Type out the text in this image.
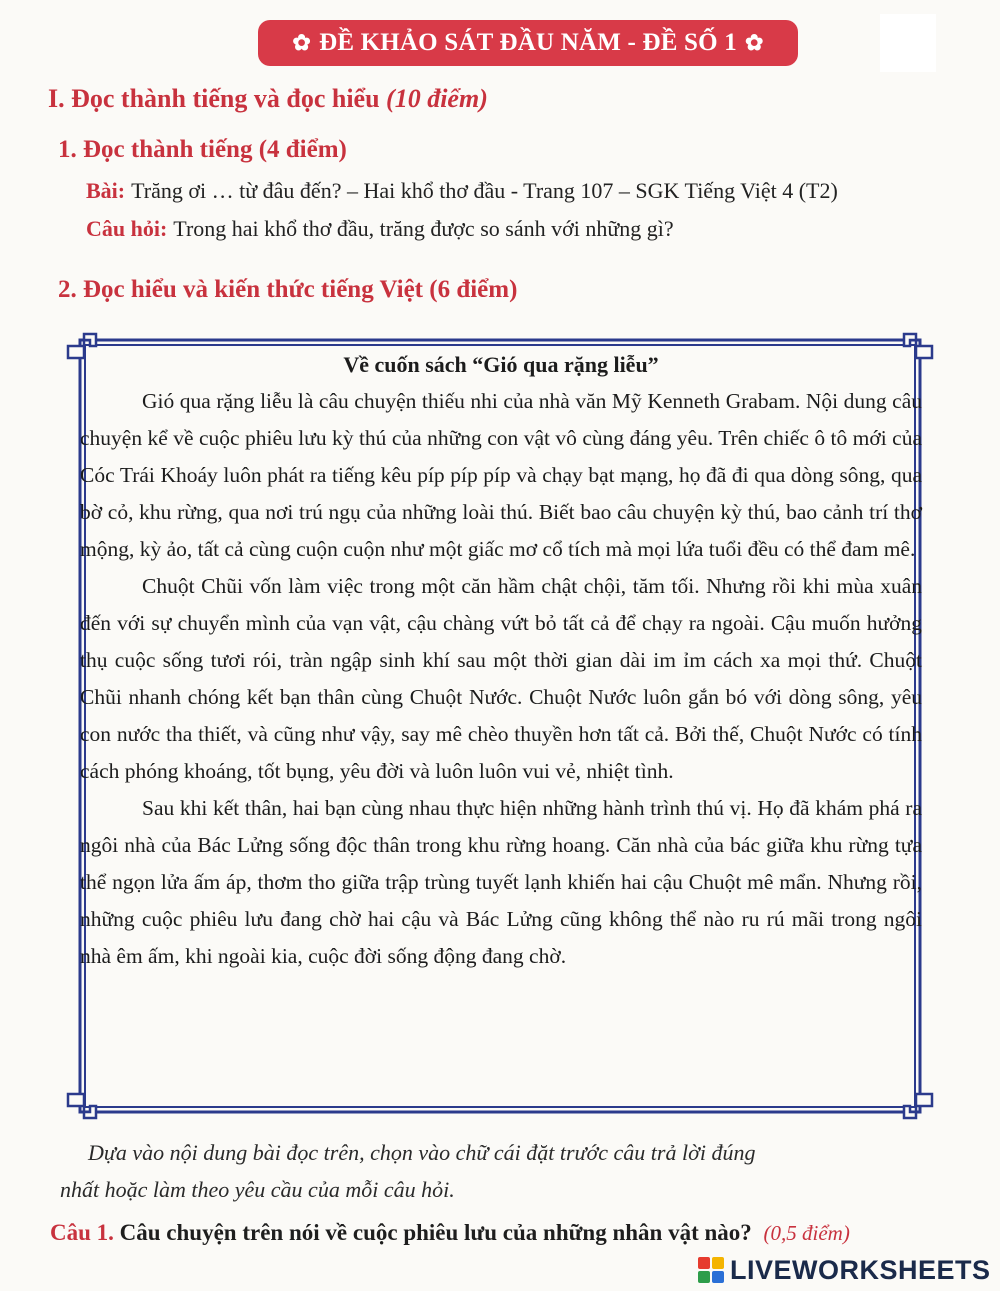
✿ ĐỀ KHẢO SÁT ĐẦU NĂM - ĐỀ SỐ 1 ✿
I. Đọc thành tiếng và đọc hiểu (10 điểm)
1. Đọc thành tiếng (4 điểm)
Bài: Trăng ơi … từ đâu đến? – Hai khổ thơ đầu - Trang 107 – SGK Tiếng Việt 4 (T2)
Câu hỏi: Trong hai khổ thơ đầu, trăng được so sánh với những gì?
2. Đọc hiểu và kiến thức tiếng Việt (6 điểm)
Về cuốn sách “Gió qua rặng liễu”

Gió qua rặng liễu là câu chuyện thiếu nhi của nhà văn Mỹ Kenneth Grabam. Nội dung câu chuyện kể về cuộc phiêu lưu kỳ thú của những con vật vô cùng đáng yêu. Trên chiếc ô tô mới của Cóc Trái Khoáy luôn phát ra tiếng kêu píp píp píp và chạy bạt mạng, họ đã đi qua dòng sông, qua bờ cỏ, khu rừng, qua nơi trú ngụ của những loài thú. Biết bao câu chuyện kỳ thú, bao cảnh trí thơ mộng, kỳ ảo, tất cả cùng cuộn cuộn như một giấc mơ cổ tích mà mọi lứa tuổi đều có thể đam mê.

Chuột Chũi vốn làm việc trong một căn hầm chật chội, tăm tối. Nhưng rồi khi mùa xuân đến với sự chuyển mình của vạn vật, cậu chàng vứt bỏ tất cả để chạy ra ngoài. Cậu muốn hưởng thụ cuộc sống tươi rói, tràn ngập sinh khí sau một thời gian dài im ỉm cách xa mọi thứ. Chuột Chũi nhanh chóng kết bạn thân cùng Chuột Nước. Chuột Nước luôn gắn bó với dòng sông, yêu con nước tha thiết, và cũng như vậy, say mê chèo thuyền hơn tất cả. Bởi thế, Chuột Nước có tính cách phóng khoáng, tốt bụng, yêu đời và luôn luôn vui vẻ, nhiệt tình.

Sau khi kết thân, hai bạn cùng nhau thực hiện những hành trình thú vị. Họ đã khám phá ra ngôi nhà của Bác Lửng sống độc thân trong khu rừng hoang. Căn nhà của bác giữa khu rừng tựa thể ngọn lửa ấm áp, thơm tho giữa trập trùng tuyết lạnh khiến hai cậu Chuột mê mẩn. Nhưng rồi, những cuộc phiêu lưu đang chờ hai cậu và Bác Lửng cũng không thể nào ru rú mãi trong ngôi nhà êm ấm, khi ngoài kia, cuộc đời sống động đang chờ.

Dựa vào nội dung bài đọc trên, chọn vào chữ cái đặt trước câu trả lời đúng
nhất hoặc làm theo yêu cầu của mỗi câu hỏi.
Câu 1. Câu chuyện trên nói về cuộc phiêu lưu của những nhân vật nào? (0,5 điểm)
LIVEWORKSHEETS
